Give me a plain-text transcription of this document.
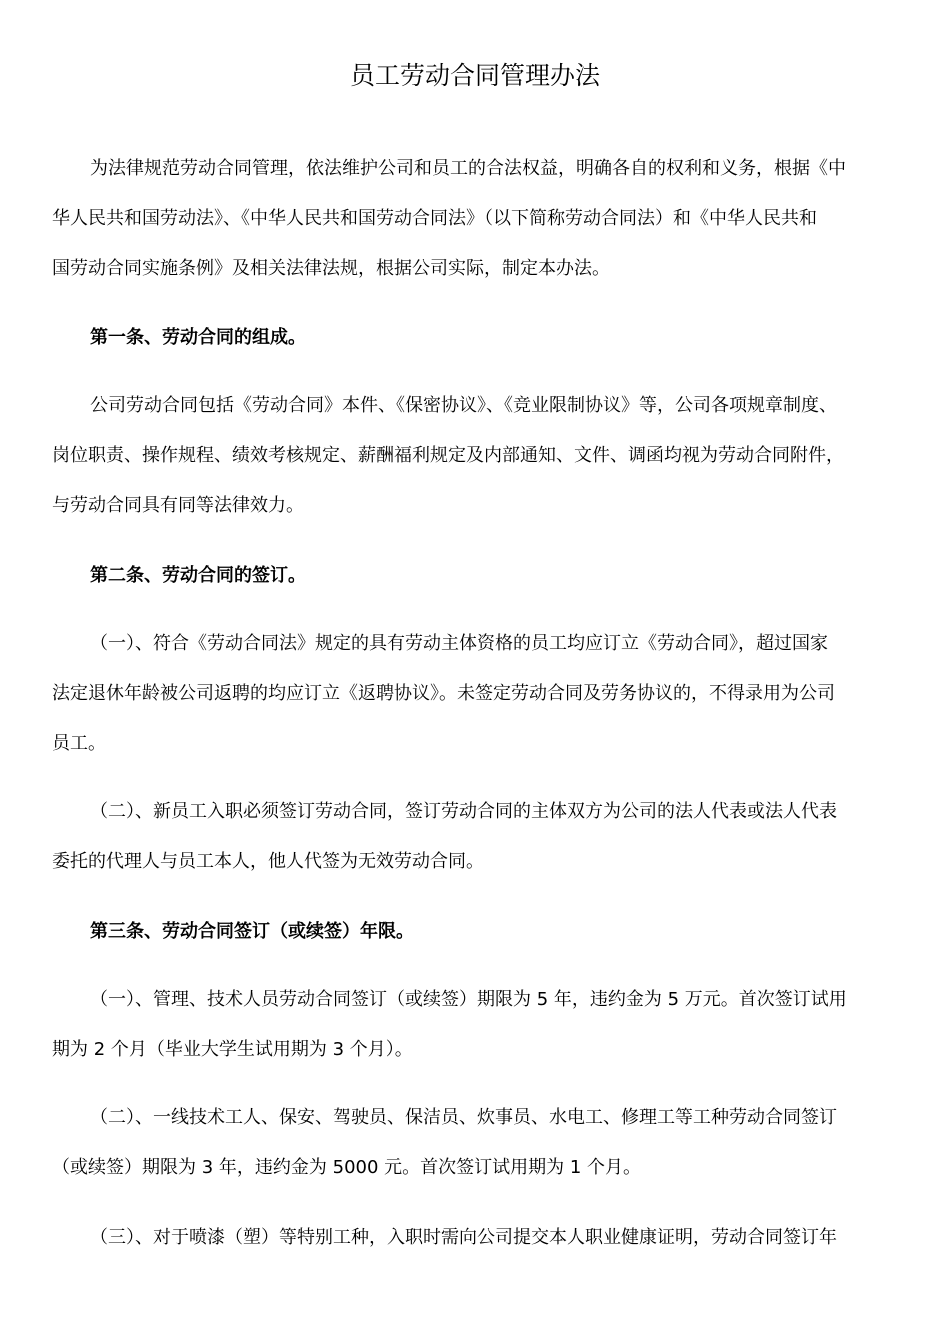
员工劳动合同管理办法

为法律规范劳动合同管理，依法维护公司和员工的合法权益，明确各自的权利和义务，根据《中

华人民共和国劳动法》、《中华人民共和国劳动合同法》（以下简称劳动合同法）和《中华人民共和

国劳动合同实施条例》及相关法律法规，根据公司实际，制定本办法。

第一条、劳动合同的组成。

公司劳动合同包括《劳动合同》本件、《保密协议》、《竞业限制协议》等，公司各项规章制度、

岗位职责、操作规程、绩效考核规定、薪酬福利规定及内部通知、文件、调函均视为劳动合同附件，

与劳动合同具有同等法律效力。

第二条、劳动合同的签订。

（一）、符合《劳动合同法》规定的具有劳动主体资格的员工均应订立《劳动合同》，超过国家

法定退休年龄被公司返聘的均应订立《返聘协议》。未签定劳动合同及劳务协议的，不得录用为公司

员工。

（二）、新员工入职必须签订劳动合同，签订劳动合同的主体双方为公司的法人代表或法人代表

委托的代理人与员工本人，他人代签为无效劳动合同。

第三条、劳动合同签订（或续签）年限。

（一）、管理、技术人员劳动合同签订（或续签）期限为 5 年，违约金为 5 万元。首次签订试用

期为 2 个月（毕业大学生试用期为 3 个月）。

（二）、一线技术工人、保安、驾驶员、保洁员、炊事员、水电工、修理工等工种劳动合同签订

（或续签）期限为 3 年，违约金为 5000 元。首次签订试用期为 1 个月。

（三）、对于喷漆（塑）等特别工种，入职时需向公司提交本人职业健康证明，劳动合同签订年
